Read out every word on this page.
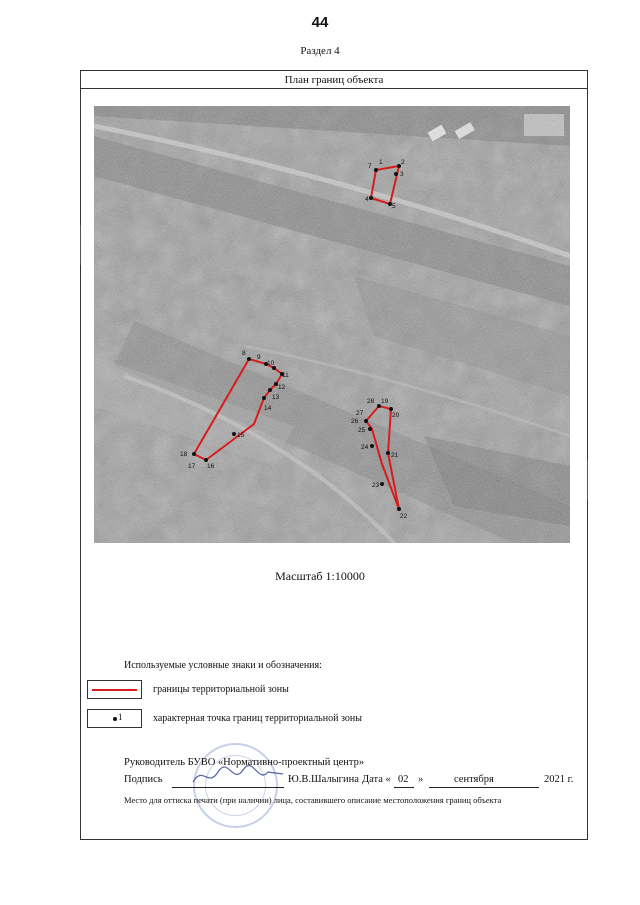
44
Раздел 4
План границ объекта
1	2
3
4
5
7
8
9
10
11
12
13
14
15
16
17
18
19
20
21
22
23
24
25
26
27
28
Масштаб 1:10000
Используемые условные знаки и обозначения:
границы территориальной зоны
1	характерная точка границ территориальной зоны
Руководитель БУВО «Нормативно-проектный центр»
Подпись	Ю.В.Шалыгина Дата « 02 »	сентября	2021 г.
Место для оттиска печати (при наличии) лица, составившего описание местоположения границ объекта
